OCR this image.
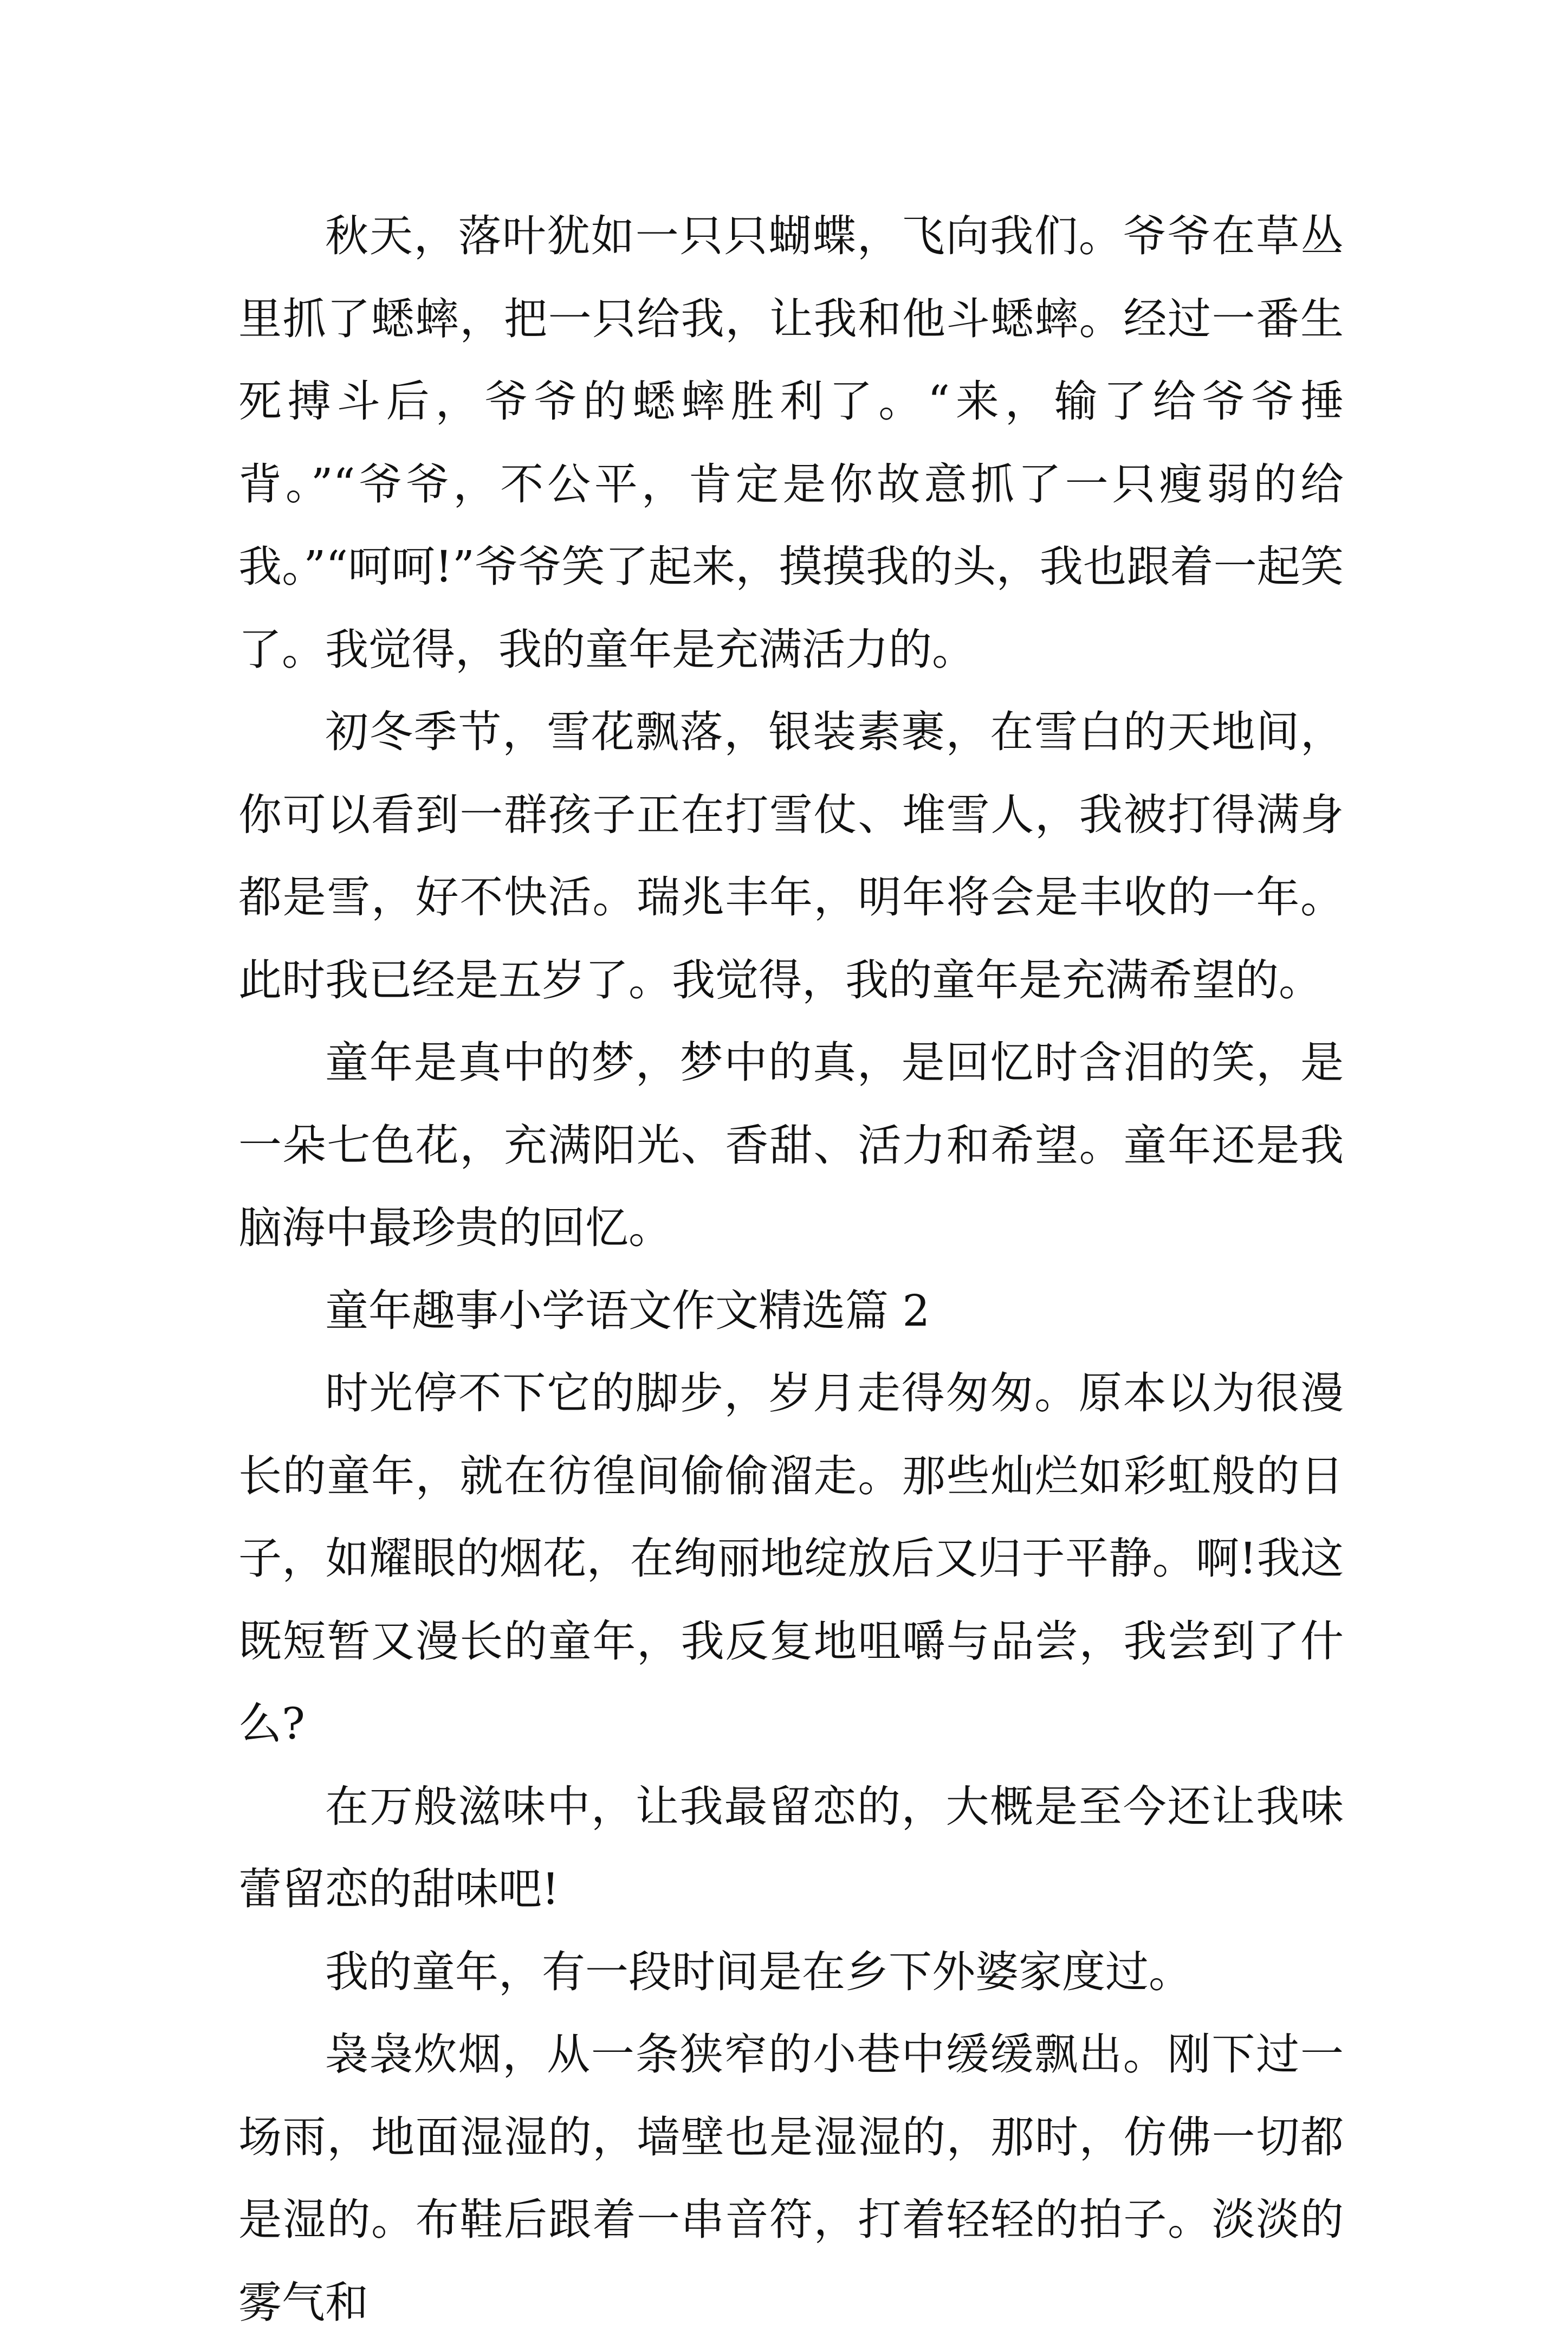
秋天，落叶犹如一只只蝴蝶，飞向我们。爷爷在草丛里抓了蟋蟀，把一只给我，让我和他斗蟋蟀。经过一番生死搏斗后，爷爷的蟋蟀胜利了。“来，输了给爷爷捶背。”“爷爷，不公平，肯定是你故意抓了一只瘦弱的给我。”“呵呵!”爷爷笑了起来，摸摸我的头，我也跟着一起笑了。我觉得，我的童年是充满活力的。

初冬季节，雪花飘落，银装素裹，在雪白的天地间，你可以看到一群孩子正在打雪仗、堆雪人，我被打得满身都是雪，好不快活。瑞兆丰年，明年将会是丰收的一年。此时我已经是五岁了。我觉得，我的童年是充满希望的。

童年是真中的梦，梦中的真，是回忆时含泪的笑，是一朵七色花，充满阳光、香甜、活力和希望。童年还是我脑海中最珍贵的回忆。

童年趣事小学语文作文精选篇 2

时光停不下它的脚步，岁月走得匆匆。原本以为很漫长的童年，就在彷徨间偷偷溜走。那些灿烂如彩虹般的日子，如耀眼的烟花，在绚丽地绽放后又归于平静。啊!我这既短暂又漫长的童年，我反复地咀嚼与品尝，我尝到了什么?

在万般滋味中，让我最留恋的，大概是至今还让我味蕾留恋的甜味吧!

我的童年，有一段时间是在乡下外婆家度过。

袅袅炊烟，从一条狭窄的小巷中缓缓飘出。刚下过一场雨，地面湿湿的，墙壁也是湿湿的，那时，仿佛一切都是湿的。布鞋后跟着一串音符，打着轻轻的拍子。淡淡的雾气和
